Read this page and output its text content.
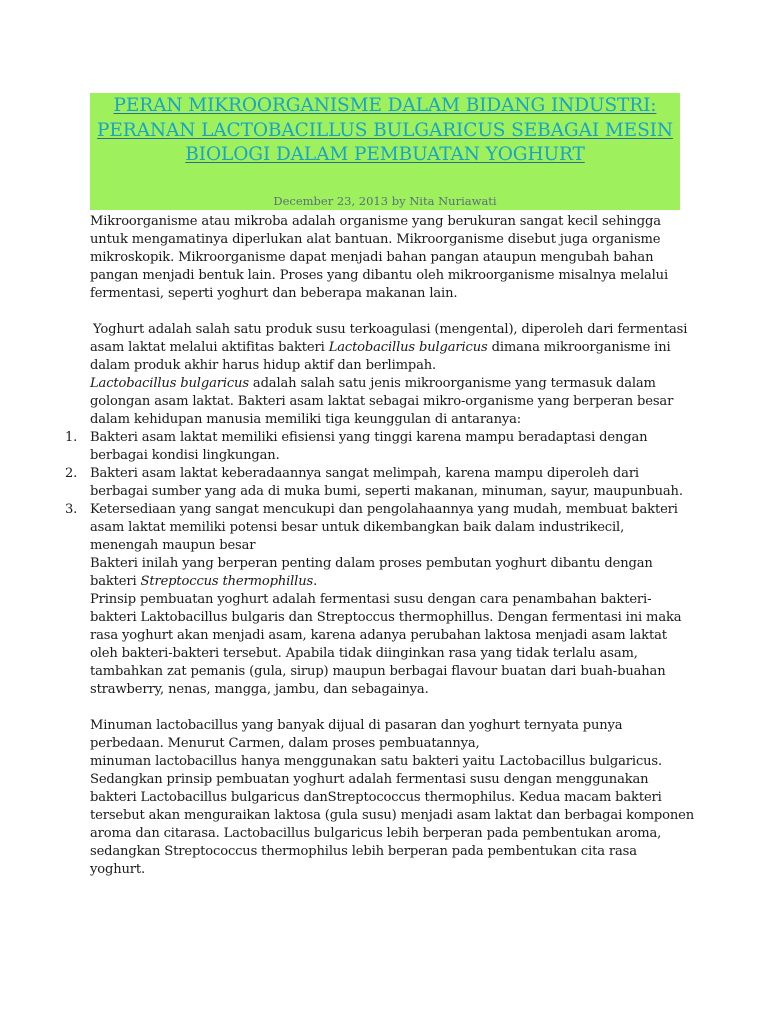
PERAN MIKROORGANISME DALAM BIDANG INDUSTRI: PERANAN LACTOBACILLUS BULGARICUS SEBAGAI MESIN BIOLOGI DALAM PEMBUATAN YOGHURT
December 23, 2013 by Nita Nuriawati

Mikroorganisme atau mikroba adalah organisme yang berukuran sangat kecil sehingga untuk mengamatinya diperlukan alat bantuan. Mikroorganisme disebut juga organisme mikroskopik. Mikroorganisme dapat menjadi bahan pangan ataupun mengubah bahan pangan menjadi bentuk lain. Proses yang dibantu oleh mikroorganisme misalnya melalui fermentasi, seperti yoghurt dan beberapa makanan lain.

Yoghurt adalah salah satu produk susu terkoagulasi (mengental), diperoleh dari fermentasi asam laktat melalui aktifitas bakteri Lactobacillus bulgaricus dimana mikroorganisme ini dalam produk akhir harus hidup aktif dan berlimpah.
Lactobacillus bulgaricus adalah salah satu jenis mikroorganisme yang termasuk dalam golongan asam laktat. Bakteri asam laktat sebagai mikro-organisme yang berperan besar dalam kehidupan manusia memiliki tiga keunggulan di antaranya:

1. Bakteri asam laktat memiliki efisiensi yang tinggi karena mampu beradaptasi dengan berbagai kondisi lingkungan.
2. Bakteri asam laktat keberadaannya sangat melimpah, karena mampu diperoleh dari berbagai sumber yang ada di muka bumi, seperti makanan, minuman, sayur, maupunbuah.
3. Ketersediaan yang sangat mencukupi dan pengolahaannya yang mudah, membuat bakteri asam laktat memiliki potensi besar untuk dikembangkan baik dalam industrikecil, menengah maupun besar

Bakteri inilah yang berperan penting dalam proses pembutan yoghurt dibantu dengan bakteri Streptoccus thermophillus.

Prinsip pembuatan yoghurt adalah fermentasi susu dengan cara penambahan bakteri-bakteri Laktobacillus bulgaris dan Streptoccus thermophillus. Dengan fermentasi ini maka rasa yoghurt akan menjadi asam, karena adanya perubahan laktosa menjadi asam laktat oleh bakteri-bakteri tersebut. Apabila tidak diinginkan rasa yang tidak terlalu asam, tambahkan zat pemanis (gula, sirup) maupun berbagai flavour buatan dari buah-buahan strawberry, nenas, mangga, jambu, dan sebagainya.

Minuman lactobacillus yang banyak dijual di pasaran dan yoghurt ternyata punya perbedaan. Menurut Carmen, dalam proses pembuatannya,

minuman lactobacillus hanya menggunakan satu bakteri yaitu Lactobacillus bulgaricus. Sedangkan prinsip pembuatan yoghurt adalah fermentasi susu dengan menggunakan bakteri Lactobacillus bulgaricus danStreptococcus thermophilus. Kedua macam bakteri tersebut akan menguraikan laktosa (gula susu) menjadi asam laktat dan berbagai komponen aroma dan citarasa. Lactobacillus bulgaricus lebih berperan pada pembentukan aroma, sedangkan Streptococcus thermophilus lebih berperan pada pembentukan cita rasa yoghurt.
